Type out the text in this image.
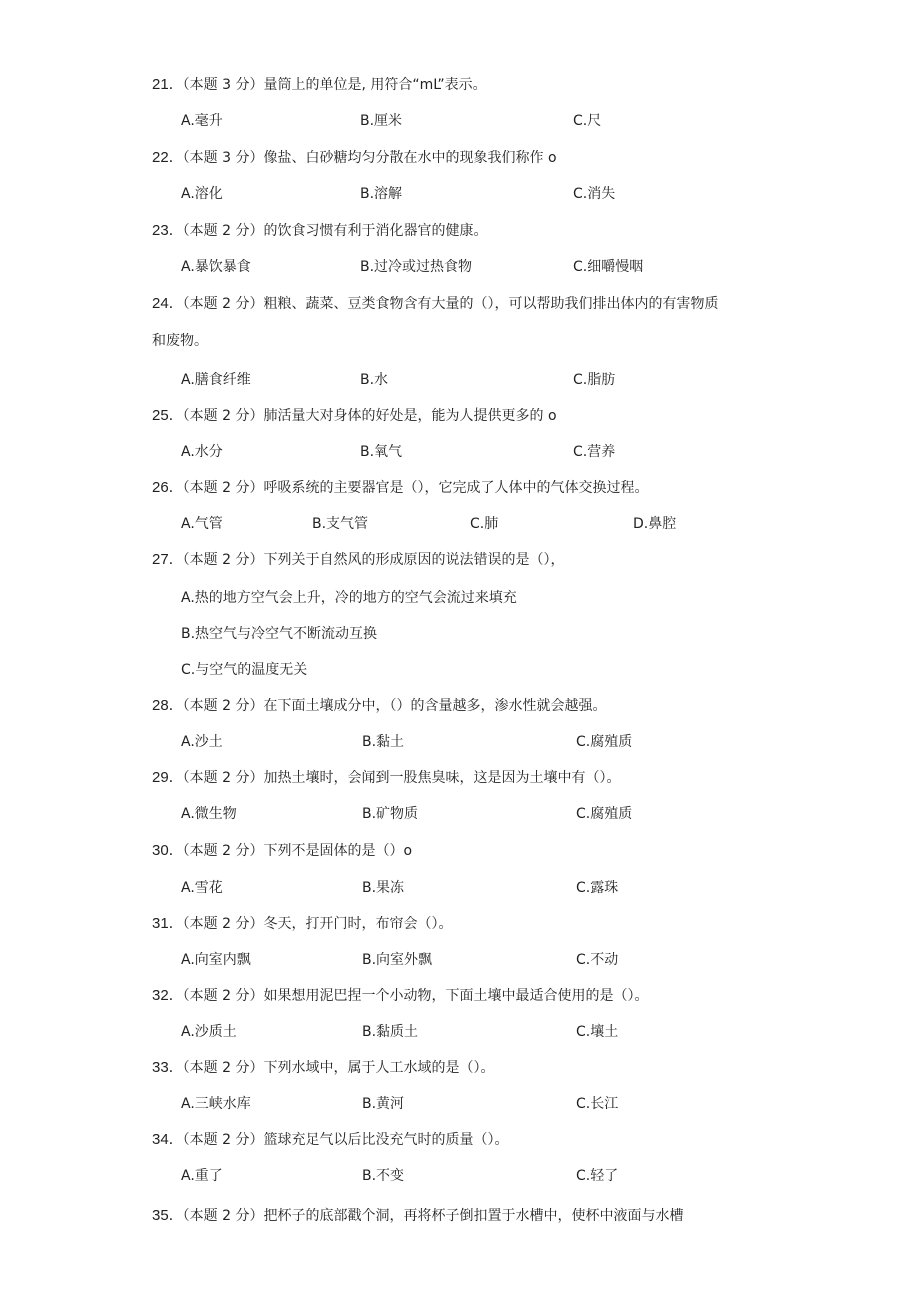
21．（本题 3 分）量筒上的单位是, 用符合“mL”表示。
A.毫升	B.厘米	C.尺
22．（本题 3 分）像盐、白砂糖均匀分散在水中的现象我们称作 o
A.溶化	B.溶解	C.消失
23．（本题 2 分）的饮食习惯有利于消化器官的健康。
A.暴饮暴食	B.过冷或过热食物	C.细嚼慢咽
24．（本题 2 分）粗粮、蔬菜、豆类食物含有大量的（），可以帮助我们排出体内的有害物质
和废物。
A.膳食纤维	B.水	C.脂肪
25．（本题 2 分）肺活量大对身体的好处是，能为人提供更多的 o
A.水分	B.氧气	C.营养
26．（本题 2 分）呼吸系统的主要器官是（），它完成了人体中的气体交换过程。
A.气管	B.支气管	C.肺	D.鼻腔
27．（本题 2 分）下列关于自然风的形成原因的说法错误的是（），
A.热的地方空气会上升，冷的地方的空气会流过来填充
B.热空气与冷空气不断流动互换
C.与空气的温度无关
28．（本题 2 分）在下面土壤成分中，（）的含量越多，渗水性就会越强。
A.沙土	B.黏土	C.腐殖质
29．（本题 2 分）加热土壤时，会闻到一股焦臭味，这是因为土壤中有（）。
A.微生物	B.矿物质	C.腐殖质
30．（本题 2 分）下列不是固体的是（）o
A.雪花	B.果冻	C.露珠
31．（本题 2 分）冬天，打开门时，布帘会（）。
A.向室内飘	B.向室外飘	C.不动
32．（本题 2 分）如果想用泥巴捏一个小动物，下面土壤中最适合使用的是（）。
A.沙质土	B.黏质土	C.壤土
33．（本题 2 分）下列水域中，属于人工水域的是（）。
A.三峡水库	B.黄河	C.长江
34．（本题 2 分）篮球充足气以后比没充气时的质量（）。
A.重了	B.不变	C.轻了
35．（本题 2 分）把杯子的底部戳个洞，再将杯子倒扣置于水槽中，使杯中液面与水槽
